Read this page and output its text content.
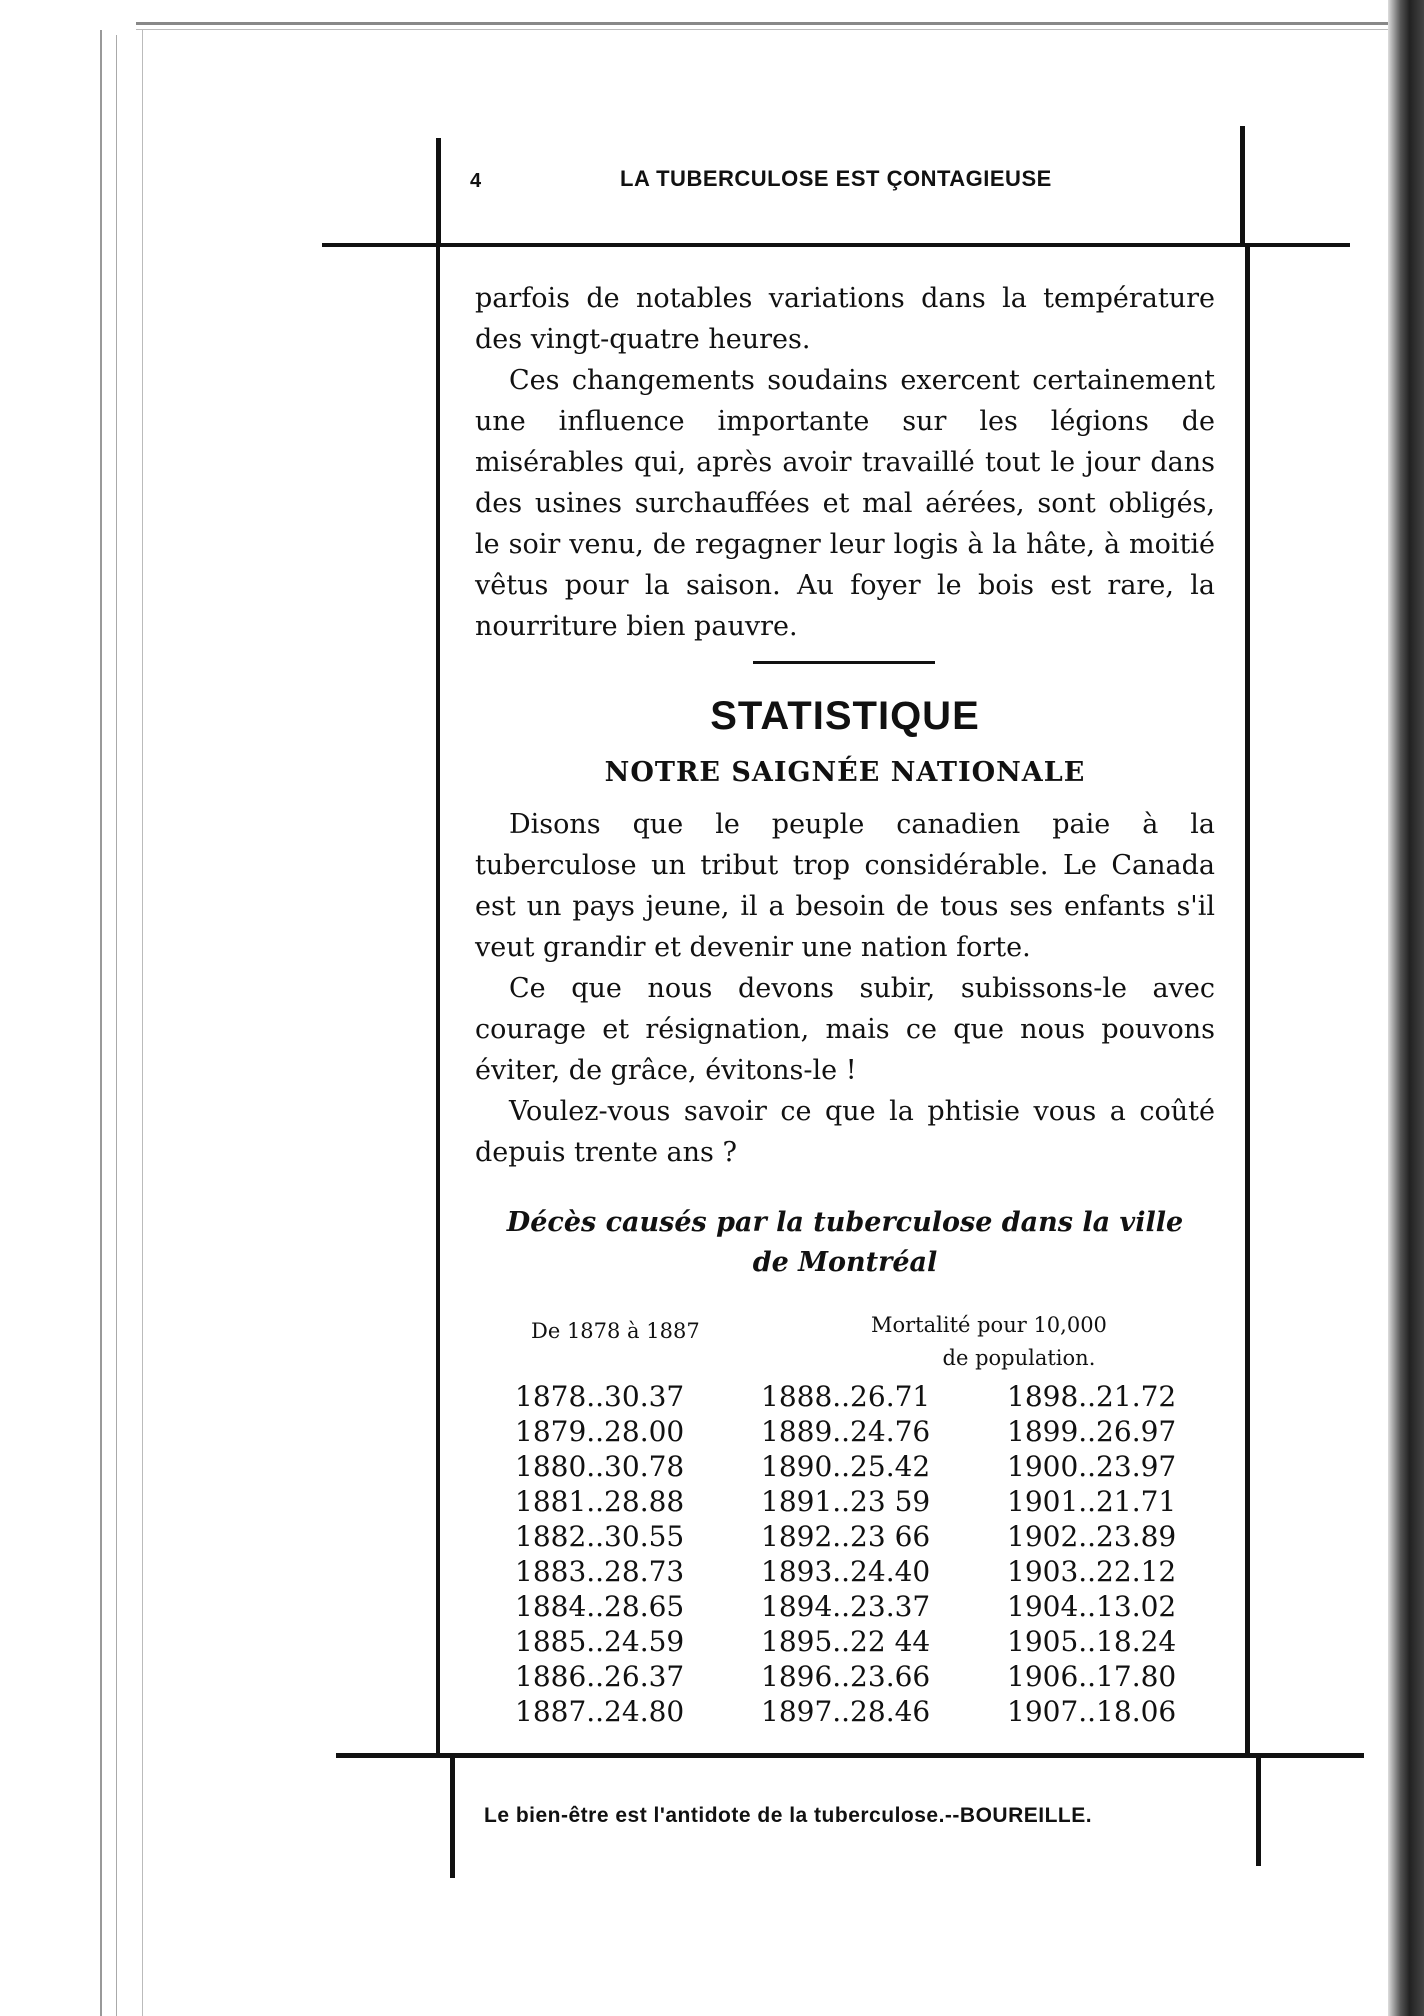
4	LA TUBERCULOSE EST ÇONTAGIEUSE

parfois de notables variations dans la température des vingt-quatre heures.

Ces changements soudains exercent certainement une influence importante sur les légions de misérables qui, après avoir travaillé tout le jour dans des usines surchauffées et mal aérées, sont obligés, le soir venu, de regagner leur logis à la hâte, à moitié vêtus pour la saison. Au foyer le bois est rare, la nourriture bien pauvre.

STATISTIQUE
NOTRE SAIGNÉE NATIONALE

Disons que le peuple canadien paie à la tuberculose un tribut trop considérable. Le Canada est un pays jeune, il a besoin de tous ses enfants s'il veut grandir et devenir une nation forte.

Ce que nous devons subir, subissons-le avec courage et résignation, mais ce que nous pouvons éviter, de grâce, évitons-le !

Voulez-vous savoir ce que la phtisie vous a coûté depuis trente ans ?

Décès causés par la tuberculose dans la ville
de Montréal
De 1878 à 1887	Mortalité pour 10,000
de population.
1878..30.37
1879..28.00
1880..30.78
1881..28.88
1882..30.55
1883..28.73
1884..28.65
1885..24.59
1886..26.37
1887..24.80
1888..26.71
1889..24.76
1890..25.42
1891..23 59
1892..23 66
1893..24.40
1894..23.37
1895..22 44
1896..23.66
1897..28.46
1898..21.72
1899..26.97
1900..23.97
1901..21.71
1902..23.89
1903..22.12
1904..13.02
1905..18.24
1906..17.80
1907..18.06
Le bien-être est l'antidote de la tuberculose.--BOUREILLE.
